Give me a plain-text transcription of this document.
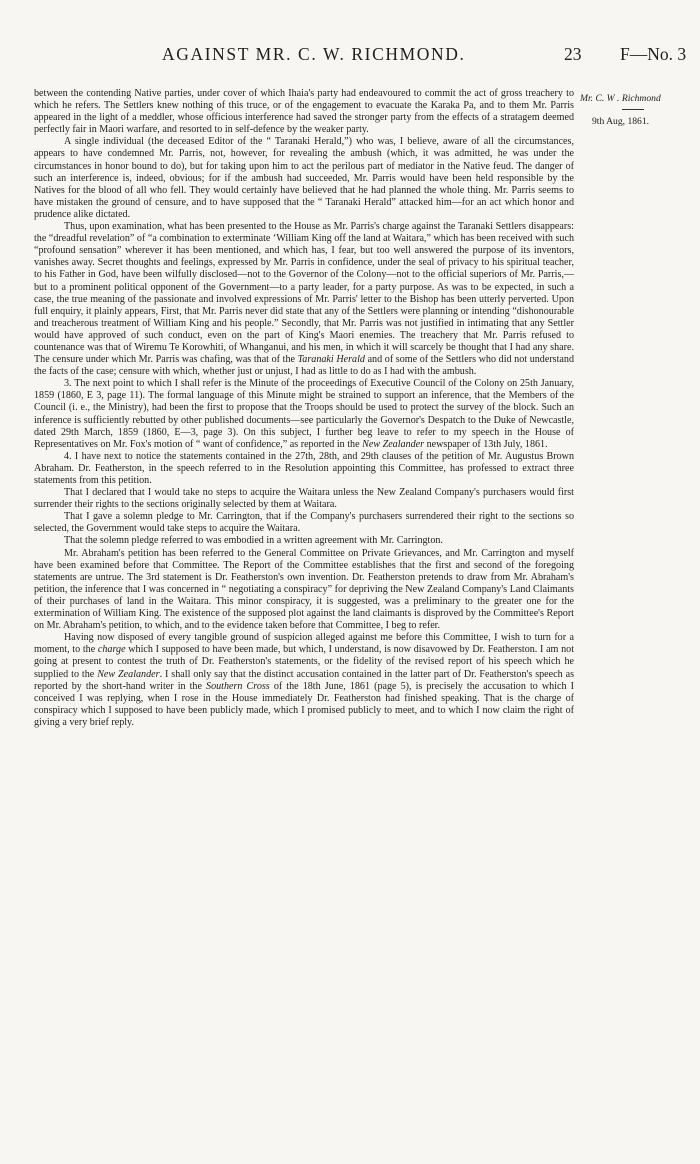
AGAINST MR. C. W. RICHMOND.	23 F—No. 3
Mr. C. W . Richmond
9th Aug, 1861.

between the contending Native parties, under cover of which Ihaia's party had endeavoured to commit the act of gross treachery to which he refers. The Settlers knew nothing of this truce, or of the engagement to evacuate the Karaka Pa, and to them Mr. Parris appeared in the light of a meddler, whose officious interference had saved the stronger party from the effects of a stratagem deemed perfectly fair in Maori warfare, and resorted to in self-defence by the weaker party.

A single individual (the deceased Editor of the “ Taranaki Herald,”) who was, I believe, aware of all the circumstances, appears to have condemned Mr. Parris, not, however, for revealing the ambush (which, it was admitted, he was under the circumstances in honor bound to do), but for taking upon him to act the perilous part of mediator in the Native feud. The danger of such an interference is, indeed, obvious; for if the ambush had succeeded, Mr. Parris would have been held responsible by the Natives for the blood of all who fell. They would certainly have believed that he had planned the whole thing. Mr. Parris seems to have mistaken the ground of censure, and to have supposed that the “ Taranaki Herald” attacked him—for an act which honor and prudence alike dictated.

Thus, upon examination, what has been presented to the House as Mr. Parris's charge against the Taranaki Settlers disappears: the “dreadful revelation” of “a combination to exterminate ‘William King off the land at Waitara,” which has been received with such “profound sensation” wherever it has been mentioned, and which has, I fear, but too well answered the purpose of its inventors, vanishes away. Secret thoughts and feelings, expressed by Mr. Parris in confidence, under the seal of privacy to his spiritual teacher, to his Father in God, have been wilfully disclosed—not to the Governor of the Colony—not to the official superiors of Mr. Parris,—but to a prominent political opponent of the Government—to a party leader, for a party purpose. As was to be expected, in such a case, the true meaning of the passionate and involved expressions of Mr. Parris' letter to the Bishop has been utterly perverted. Upon full enquiry, it plainly appears, First, that Mr. Parris never did state that any of the Settlers were planning or intending “dishonourable and treacherous treatment of William King and his people.” Secondly, that Mr. Parris was not justified in intimating that any Settler would have approved of such conduct, even on the part of King's Maori enemies. The treachery that Mr. Parris refused to countenance was that of Wiremu Te Korowhiti, of Whanganui, and his men, in which it will scarcely be thought that I had any share. The censure under which Mr. Parris was chafing, was that of the Taranaki Herald and of some of the Settlers who did not understand the facts of the case; censure with which, whether just or unjust, I had as little to do as I had with the ambush.

3. The next point to which I shall refer is the Minute of the proceedings of Executive Council of the Colony on 25th January, 1859 (1860, E 3, page 11). The formal language of this Minute might be strained to support an inference, that the Members of the Council (i. e., the Ministry), had been the first to propose that the Troops should be used to protect the survey of the block. Such an inference is sufficiently rebutted by other published documents—see particularly the Governor's Despatch to the Duke of Newcastle, dated 29th March, 1859 (1860, E—3, page 3). On this subject, I further beg leave to refer to my speech in the House of Representatives on Mr. Fox's motion of “ want of confidence,” as reported in the New Zealander newspaper of 13th July, 1861.

4. I have next to notice the statements contained in the 27th, 28th, and 29th clauses of the petition of Mr. Augustus Brown Abraham. Dr. Featherston, in the speech referred to in the Resolution appointing this Committee, has professed to extract three statements from this petition.

That I declared that I would take no steps to acquire the Waitara unless the New Zealand Company's purchasers would first surrender their rights to the sections originally selected by them at Waitara.

That I gave a solemn pledge to Mr. Carrington, that if the Company's purchasers surrendered their right to the sections so selected, the Government would take steps to acquire the Waitara.

That the solemn pledge referred to was embodied in a written agreement with Mr. Carrington.

Mr. Abraham's petition has been referred to the General Committee on Private Grievances, and Mr. Carrington and myself have been examined before that Committee. The Report of the Committee establishes that the first and second of the foregoing statements are untrue. The 3rd statement is Dr. Featherston's own invention. Dr. Featherston pretends to draw from Mr. Abraham's petition, the inference that I was concerned in “ negotiating a conspiracy” for depriving the New Zealand Company's Land Claimants of their purchases of land in the Waitara. This minor conspiracy, it is suggested, was a preliminary to the greater one for the extermination of William King. The existence of the supposed plot against the land claimants is disproved by the Committee's Report on Mr. Abraham's petition, to which, and to the evidence taken before that Committee, I beg to refer.

Having now disposed of every tangible ground of suspicion alleged against me before this Committee, I wish to turn for a moment, to the charge which I supposed to have been made, but which, I understand, is now disavowed by Dr. Featherston. I am not going at present to contest the truth of Dr. Featherston's statements, or the fidelity of the revised report of his speech which he supplied to the New Zealander. I shall only say that the distinct accusation contained in the latter part of Dr. Featherston's speech as reported by the short-hand writer in the Southern Cross of the 18th June, 1861 (page 5), is precisely the accusation to which I conceived I was replying, when I rose in the House immediately Dr. Featherston had finished speaking. That is the charge of conspiracy which I supposed to have been publicly made, which I promised publicly to meet, and to which I now claim the right of giving a very brief reply.
